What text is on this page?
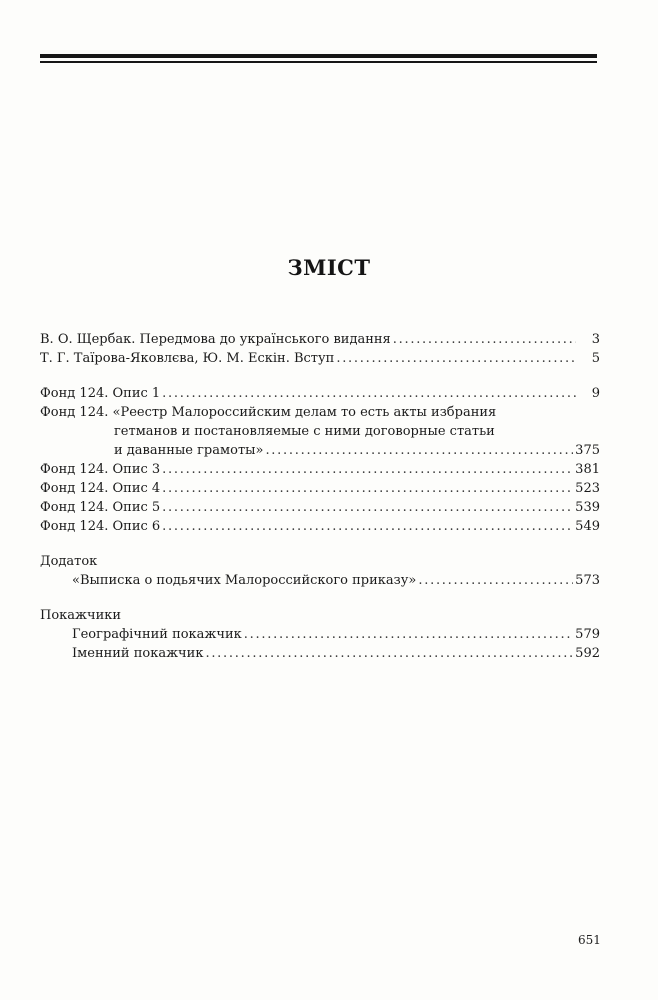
ЗМІСТ
В. О. Щербак. Передмова до українського видання . . .	3
Т. Г. Таїрова-Яковлєва, Ю. М. Ескін. Вступ . . .	5
Фонд 124. Опис 1 . . .	9
Фонд 124. «Реестр Малороссийским делам то есть акты избрания
гетманов и постановляемые с ними договорные статьи
и даванные грамоты» . . .	375
Фонд 124. Опис 3 . . .	381
Фонд 124. Опис 4 . . .	523
Фонд 124. Опис 5 . . .	539
Фонд 124. Опис 6 . . .	549
Додаток
«Выписка о подьячих Малороссийского приказу» . . .	573
Покажчики
Географічний покажчик . . .	579
Іменний покажчик . . .	592
651
